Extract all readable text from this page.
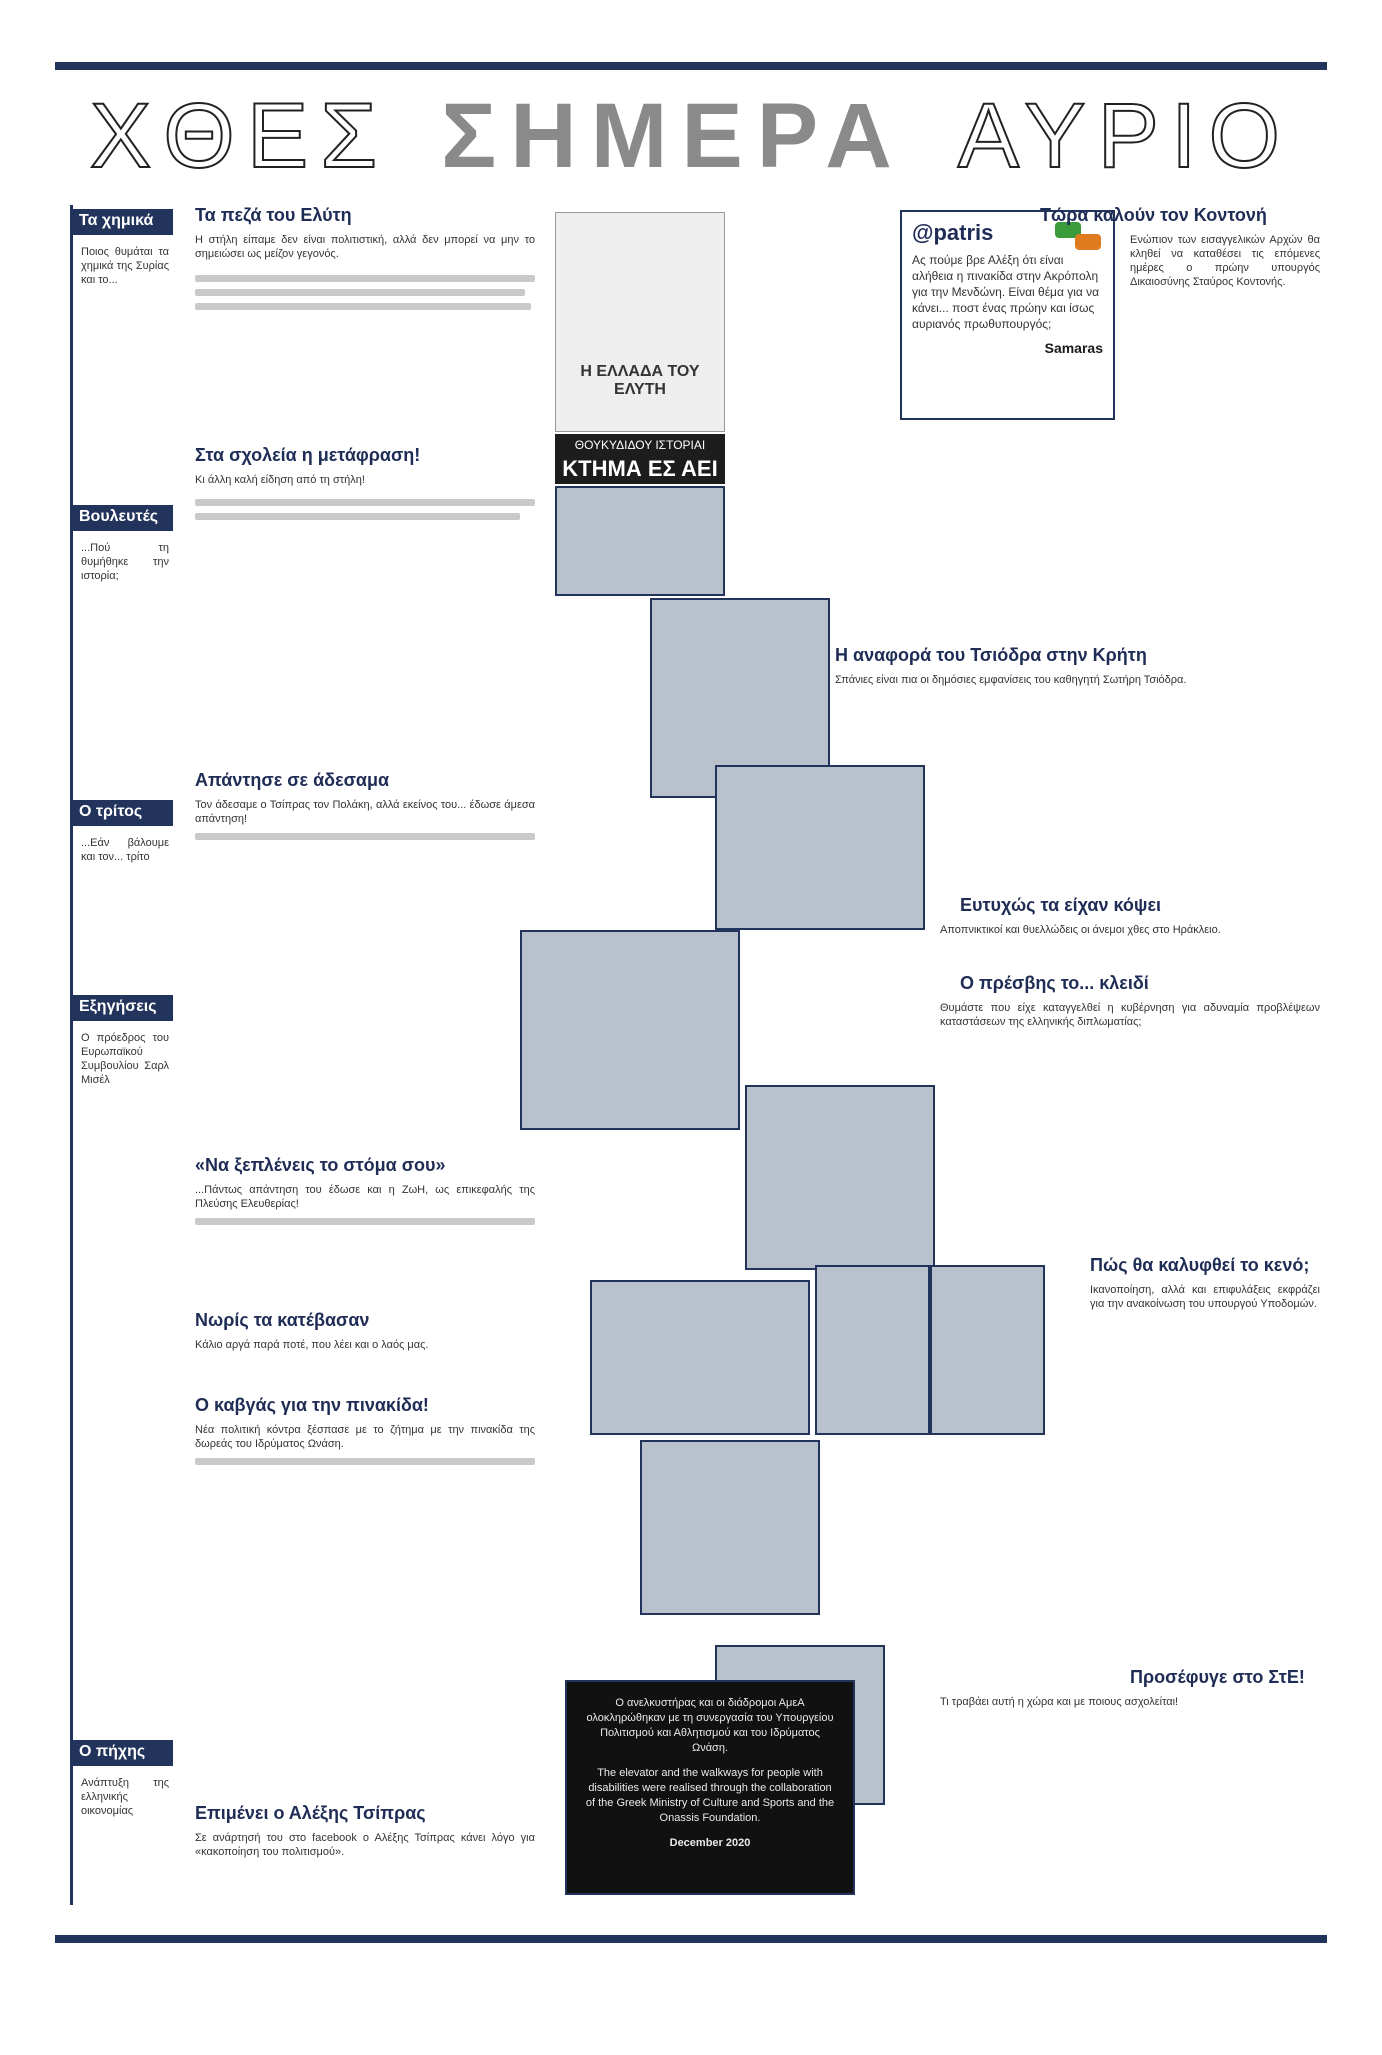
ΧΘΕΣ ΣΗΜΕΡΑ ΑΥΡΙΟ
Τα χημικά
Ποιος θυμάται τα χημικά της Συρίας και το...
Βουλευτές
...Πού τη θυμήθηκε την ιστορία;
Ο τρίτος
...Εάν βάλουμε και τον... τρίτο
Εξηγήσεις
Ο πρόεδρος του Ευρωπαϊκού Συμβουλίου Σαρλ Μισέλ
Ο πήχης
Ανάπτυξη της ελληνικής οικονομίας
Τα πεζά του Ελύτη
Η στήλη είπαμε δεν είναι πολιτιστική, αλλά δεν μπορεί να μην το σημειώσει ως μείζον γεγονός.
Στα σχολεία η μετάφραση!
Κι άλλη καλή είδηση από τη στήλη!
Απάντησε σε άδεσαμα
Τον άδεσαμε ο Τσίπρας τον Πολάκη, αλλά εκείνος του... έδωσε άμεσα απάντηση!
«Να ξεπλένεις το στόμα σου»
...Πάντως απάντηση του έδωσε και η ΖωΗ, ως επικεφαλής της Πλεύσης Ελευθερίας!
Νωρίς τα κατέβασαν
Κάλιο αργά παρά ποτέ, που λέει και ο λαός μας.
Ο καβγάς για την πινακίδα!
Νέα πολιτική κόντρα ξέσπασε με το ζήτημα με την πινακίδα της δωρεάς του Ιδρύματος Ωνάση.
Επιμένει ο Αλέξης Τσίπρας
Σε ανάρτησή του στο facebook ο Αλέξης Τσίπρας κάνει λόγο για «κακοποίηση του πολιτισμού».
Η ΕΛΛΑΔΑ ΤΟΥ ΕΛΥΤΗ
ΘΟΥΚΥΔΙΔΟΥ ΙΣΤΟΡΙΑΙ
ΚΤΗΜΑ ΕΣ ΑΕΙ
Ο ανελκυστήρας και οι διάδρομοι ΑμεΑ ολοκληρώθηκαν με τη συνεργασία του Υπουργείου Πολιτισμού και Αθλητισμού και του Ιδρύματος Ωνάση.
The elevator and the walkways for people with disabilities were realised through the collaboration of the Greek Ministry of Culture and Sports and the Onassis Foundation.
December 2020
@patris
Ας πούμε βρε Αλέξη ότι είναι αλήθεια η πινακίδα στην Ακρόπολη για την Μενδώνη. Είναι θέμα για να κάνει... ποστ ένας πρώην και ίσως αυριανός πρωθυπουργός;
Samaras
Τώρα καλούν τον Κοντονή
Ενώπιον των εισαγγελικών Αρχών θα κληθεί να καταθέσει τις επόμενες ημέρες ο πρώην υπουργός Δικαιοσύνης Σταύρος Κοντονής.
Η αναφορά του Τσιόδρα στην Κρήτη
Σπάνιες είναι πια οι δημόσιες εμφανίσεις του καθηγητή Σωτήρη Τσιόδρα.
Ευτυχώς τα είχαν κόψει
Αποπνικτικοί και θυελλώδεις οι άνεμοι χθες στο Ηράκλειο.
Ο πρέσβης το... κλειδί
Θυμάστε που είχε καταγγελθεί η κυβέρνηση για αδυναμία προβλέψεων καταστάσεων της ελληνικής διπλωματίας;
Πώς θα καλυφθεί το κενό;
Ικανοποίηση, αλλά και επιφυλάξεις εκφράζει για την ανακοίνωση του υπουργού Υποδομών.
Προσέφυγε στο ΣτΕ!
Τι τραβάει αυτή η χώρα και με ποιους ασχολείται!
